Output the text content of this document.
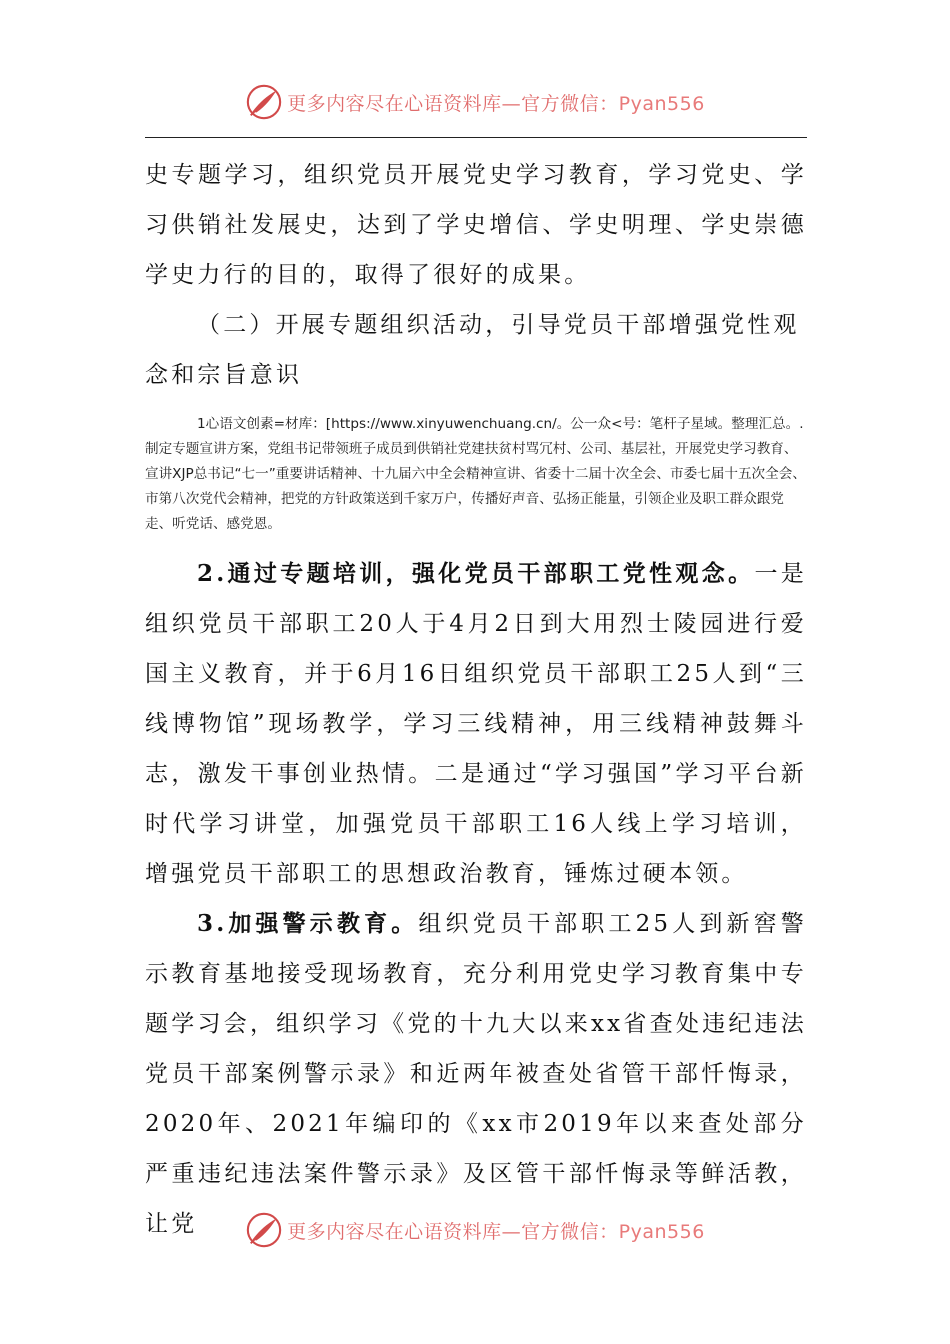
更多内容尽在心语资料库—官方微信：Pyan556

史专题学习，组织党员开展党史学习教育，学习党史、学习供销社发展史，达到了学史增信、学史明理、学史崇德学史力行的目的，取得了很好的成果。

（二）开展专题组织活动，引导党员干部增强党性观念和宗旨意识

1心语文创素=材库：[https://www.xinyuwenchuang.cn/。公一众<号：笔杆子星域。整理汇总。.制定专题宣讲方案，党组书记带领班子成员到供销社党建扶贫村骂冗村、公司、基层社，开展党史学习教育、宣讲XJP总书记“七一”重要讲话精神、十九届六中全会精神宣讲、省委十二届十次全会、市委七届十五次全会、市第八次党代会精神，把党的方针政策送到千家万户，传播好声音、弘扬正能量，引领企业及职工群众跟党走、听党话、感党恩。

2.通过专题培训，强化党员干部职工党性观念。一是组织党员干部职工20人于4月2日到大用烈士陵园进行爱国主义教育，并于6月16日组织党员干部职工25人到“三线博物馆”现场教学，学习三线精神，用三线精神鼓舞斗志，激发干事创业热情。二是通过“学习强国”学习平台新时代学习讲堂，加强党员干部职工16人线上学习培训，增强党员干部职工的思想政治教育，锤炼过硬本领。

3.加强警示教育。组织党员干部职工25人到新窖警示教育基地接受现场教育，充分利用党史学习教育集中专题学习会，组织学习《党的十九大以来xx省查处违纪违法党员干部案例警示录》和近两年被查处省管干部忏悔录，2020年、2021年编印的《xx市2019年以来查处部分严重违纪违法案件警示录》及区管干部忏悔录等鲜活教，让党	更多内容尽在心语资料库—官方微信：Pyan556
